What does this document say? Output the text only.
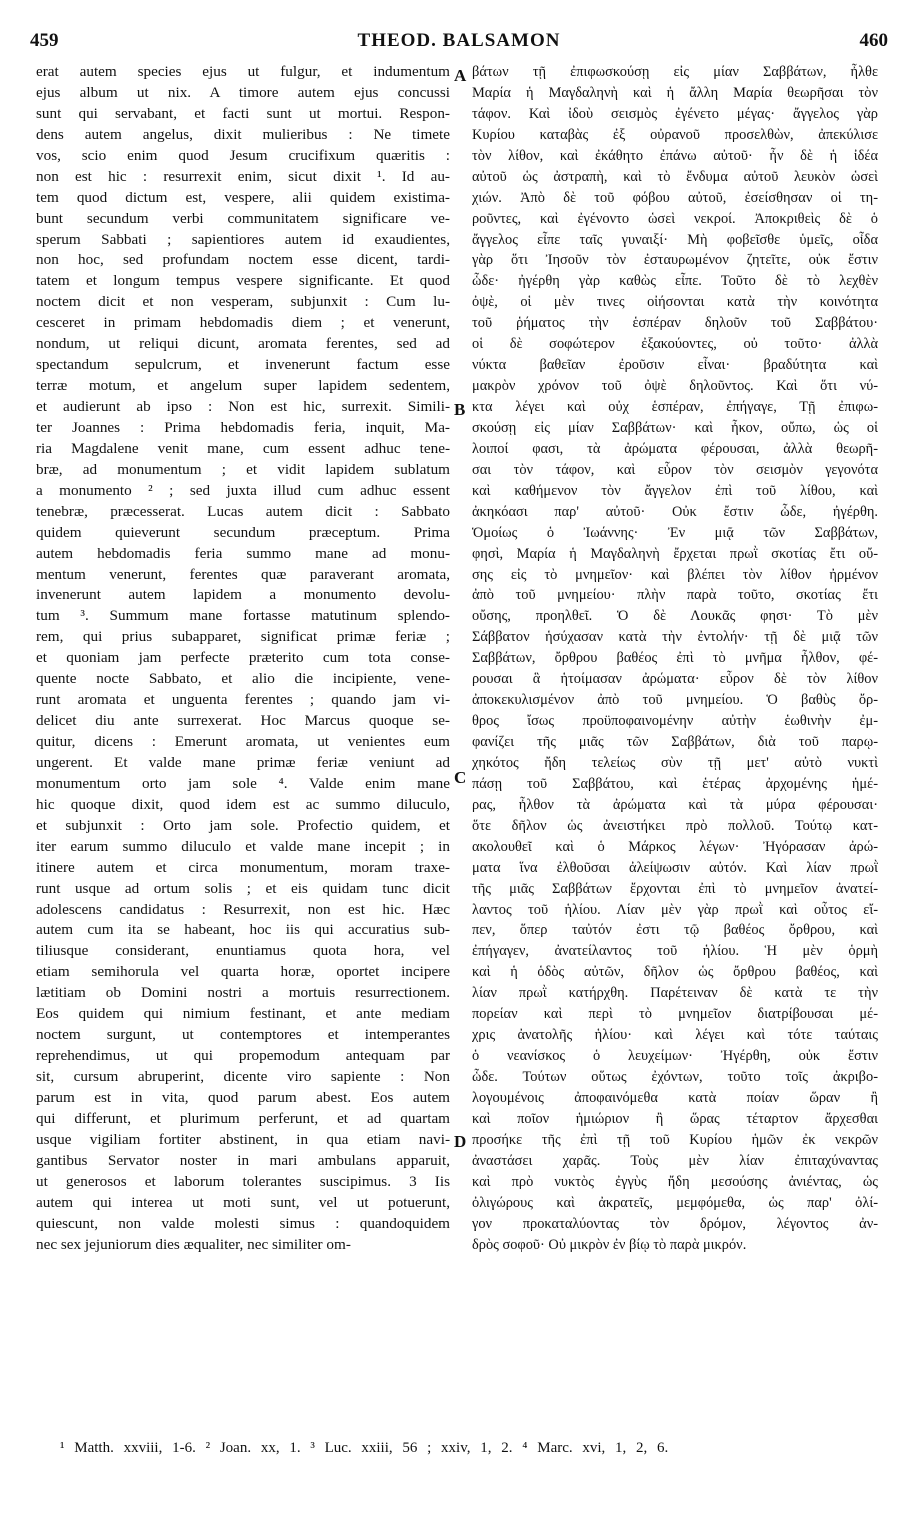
459	THEOD. BALSAMON	460
erat autem species ejus ut fulgur, et indumentum
ejus album ut nix. A timore autem ejus concussi
sunt qui servabant, et facti sunt ut mortui. Respon-
dens autem angelus, dixit mulieribus : Ne timete
vos, scio enim quod Jesum crucifixum quæritis :
non est hic : resurrexit enim, sicut dixit ¹. Id au-
tem quod dictum est, vespere, alii quidem existima-
bunt secundum verbi communitatem significare ve-
sperum Sabbati ; sapientiores autem id exaudientes,
non hoc, sed profundam noctem esse dicent, tardi-
tatem et longum tempus vespere significante. Et quod
noctem dicit et non vesperam, subjunxit : Cum lu-
cesceret in primam hebdomadis diem ; et venerunt,
nondum, ut reliqui dicunt, aromata ferentes, sed ad
spectandum sepulcrum, et invenerunt factum esse
terræ motum, et angelum super lapidem sedentem,
et audierunt ab ipso : Non est hic, surrexit. Simili-
ter Joannes : Prima hebdomadis feria, inquit, Ma-
ria Magdalene venit mane, cum essent adhuc tene-
bræ, ad monumentum ; et vidit lapidem sublatum
a monumento ² ; sed juxta illud cum adhuc essent
tenebræ, præcesserat. Lucas autem dicit : Sabbato
quidem quieverunt secundum præceptum. Prima
autem hebdomadis feria summo mane ad monu-
mentum venerunt, ferentes quæ paraverant aromata,
invenerunt autem lapidem a monumento devolu-
tum ³. Summum mane fortasse matutinum splendo-
rem, qui prius subapparet, significat primæ feriæ ;
et quoniam jam perfecte præterito cum tota conse-
quente nocte Sabbato, et alio die incipiente, vene-
runt aromata et unguenta ferentes ; quando jam vi-
delicet diu ante surrexerat. Hoc Marcus quoque se-
quitur, dicens : Emerunt aromata, ut venientes eum
ungerent. Et valde mane primæ feriæ veniunt ad
monumentum orto jam sole ⁴. Valde enim mane
hic quoque dixit, quod idem est ac summo diluculo,
et subjunxit : Orto jam sole. Profectio quidem, et
iter earum summo diluculo et valde mane incepit ; in
itinere autem et circa monumentum, moram traxe-
runt usque ad ortum solis ; et eis quidam tunc dicit
adolescens candidatus : Resurrexit, non est hic. Hæc
autem cum ita se habeant, hoc iis qui accuratius sub-
tiliusque considerant, enuntiamus quota hora, vel
etiam semihorula vel quarta horæ, oportet incipere
lætitiam ob Domini nostri a mortuis resurrectionem.
Eos quidem qui nimium festinant, et ante mediam
noctem surgunt, ut contemptores et intemperantes
reprehendimus, ut qui propemodum antequam par
sit, cursum abruperint, dicente viro sapiente : Non
parum est in vita, quod parum abest. Eos autem
qui differunt, et plurimum perferunt, et ad quartam
usque vigiliam fortiter abstinent, in qua etiam navi-
gantibus Servator noster in mari ambulans apparuit,
ut generosos et laborum tolerantes suscipimus. 3 Iis
autem qui interea ut moti sunt, vel ut potuerunt,
quiescunt, non valde molesti simus : quandoquidem
nec sex jejuniorum dies æqualiter, nec similiter om-
βάτων τῇ ἐπιφωσκούσῃ εἰς μίαν Σαββάτων, ἦλθε
Μαρία ἡ Μαγδαληνὴ καὶ ἡ ἄλλη Μαρία θεωρῆσαι τὸν
τάφον. Καὶ ἰδοὺ σεισμὸς ἐγένετο μέγας· ἄγγελος γὰρ
Κυρίου καταβὰς ἐξ οὐρανοῦ προσελθὼν, ἀπεκύλισε
τὸν λίθον, καὶ ἐκάθητο ἐπάνω αὐτοῦ· ἦν δὲ ἡ ἰδέα
αὐτοῦ ὡς ἀστραπὴ, καὶ τὸ ἔνδυμα αὐτοῦ λευκὸν ὡσεὶ
χιών. Ἀπὸ δὲ τοῦ φόβου αὐτοῦ, ἐσείσθησαν οἱ τη-
ροῦντες, καὶ ἐγένοντο ὡσεὶ νεκροί. Ἀποκριθεὶς δὲ ὁ
ἄγγελος εἶπε ταῖς γυναιξί· Μὴ φοβεῖσθε ὑμεῖς, οἶδα
γὰρ ὅτι Ἰησοῦν τὸν ἐσταυρωμένον ζητεῖτε, οὐκ ἔστιν
ὧδε· ἠγέρθη γὰρ καθὼς εἶπε. Τοῦτο δὲ τὸ λεχθὲν
ὀψὲ, οἱ μὲν τινες οἰήσονται κατὰ τὴν κοινότητα
τοῦ ῥήματος τὴν ἑσπέραν δηλοῦν τοῦ Σαββάτου·
οἱ δὲ σοφώτερον ἐξακούοντες, οὐ τοῦτο· ἀλλὰ
νύκτα βαθεῖαν ἐροῦσιν εἶναι· βραδύτητα καὶ
μακρὸν χρόνον τοῦ ὀψὲ δηλοῦντος. Καὶ ὅτι νύ-
κτα λέγει καὶ οὐχ ἑσπέραν, ἐπήγαγε, Τῇ ἐπιφω-
σκούσῃ εἰς μίαν Σαββάτων· καὶ ἦκον, οὔπω, ὡς οἱ
λοιποί φασι, τὰ ἀρώματα φέρουσαι, ἀλλὰ θεωρῆ-
σαι τὸν τάφον, καὶ εὗρον τὸν σεισμὸν γεγονότα
καὶ καθήμενον τὸν ἄγγελον ἐπὶ τοῦ λίθου, καὶ
ἀκηκόασι παρ' αὐτοῦ· Οὐκ ἔστιν ὧδε, ἠγέρθη.
Ὁμοίως ὁ Ἰωάννης· Ἐν μιᾷ τῶν Σαββάτων,
φησὶ, Μαρία ἡ Μαγδαληνὴ ἔρχεται πρωῒ σκοτίας ἔτι οὔ-
σης εἰς τὸ μνημεῖον· καὶ βλέπει τὸν λίθον ἠρμένον
ἀπὸ τοῦ μνημείου· πλὴν παρὰ τοῦτο, σκοτίας ἔτι
οὔσης, προηλθεῖ. Ὁ δὲ Λουκᾶς φησι· Τὸ μὲν
Σάββατον ἡσύχασαν κατὰ τὴν ἐντολήν· τῇ δὲ μιᾷ τῶν
Σαββάτων, ὄρθρου βαθέος ἐπὶ τὸ μνῆμα ἦλθον, φέ-
ρουσαι ἃ ἡτοίμασαν ἀρώματα· εὗρον δὲ τὸν λίθον
ἀποκεκυλισμένον ἀπὸ τοῦ μνημείου. Ὁ βαθὺς ὄρ-
θρος ἴσως προϋποφαινομένην αὐτὴν ἑωθινὴν ἐμ-
φανίζει τῆς μιᾶς τῶν Σαββάτων, διὰ τοῦ παρῳ-
χηκότος ἤδη τελείως σὺν τῇ μετ' αὐτὸ νυκτὶ
πάσῃ τοῦ Σαββάτου, καὶ ἑτέρας ἀρχομένης ἡμέ-
ρας, ἦλθον τὰ ἀρώματα καὶ τὰ μύρα φέρουσαι·
ὅτε δῆλον ὡς ἀνειστήκει πρὸ πολλοῦ. Τούτῳ κατ-
ακολουθεῖ καὶ ὁ Μάρκος λέγων· Ἠγόρασαν ἀρώ-
ματα ἵνα ἐλθοῦσαι ἀλείψωσιν αὐτόν. Καὶ λίαν πρωῒ
τῆς μιᾶς Σαββάτων ἔρχονται ἐπὶ τὸ μνημεῖον ἀνατεί-
λαντος τοῦ ἡλίου. Λίαν μὲν γὰρ πρωῒ καὶ οὗτος εἴ-
πεν, ὅπερ ταὐτόν ἐστι τῷ βαθέος ὄρθρου, καὶ
ἐπήγαγεν, ἀνατείλαντος τοῦ ἡλίου. Ἡ μὲν ὁρμὴ
καὶ ἡ ὁδὸς αὐτῶν, δῆλον ὡς ὄρθρου βαθέος, καὶ
λίαν πρωῒ κατήρχθη. Παρέτειναν δὲ κατὰ τε τὴν
πορείαν καὶ περὶ τὸ μνημεῖον διατρίβουσαι μέ-
χρις ἀνατολῆς ἡλίου· καὶ λέγει καὶ τότε ταύταις
ὁ νεανίσκος ὁ λευχείμων· Ἠγέρθη, οὐκ ἔστιν
ὧδε. Τούτων οὕτως ἐχόντων, τοῦτο τοῖς ἀκριβο-
λογουμένοις ἀποφαινόμεθα κατὰ ποίαν ὥραν ἢ
καὶ ποῖον ἡμιώριον ἢ ὥρας τέταρτον ἄρχεσθαι
προσήκε τῆς ἐπὶ τῇ τοῦ Κυρίου ἡμῶν ἐκ νεκρῶν
ἀναστάσει χαρᾶς. Τοὺς μὲν λίαν ἐπιταχύναντας
καὶ πρὸ νυκτὸς ἐγγὺς ἤδη μεσούσης ἀνιέντας, ὡς
ὀλιγώρους καὶ ἀκρατεῖς, μεμφόμεθα, ὡς παρ' ὀλί-
γον προκαταλύοντας τὸν δρόμον, λέγοντος ἀν-
δρὸς σοφοῦ· Οὐ μικρὸν ἐν βίῳ τὸ παρὰ μικρόν.
A
B
C
D
¹ Matth. xxviii, 1-6. ² Joan. xx, 1. ³ Luc. xxiii, 56 ; xxiv, 1, 2. ⁴ Marc. xvi, 1, 2, 6.
